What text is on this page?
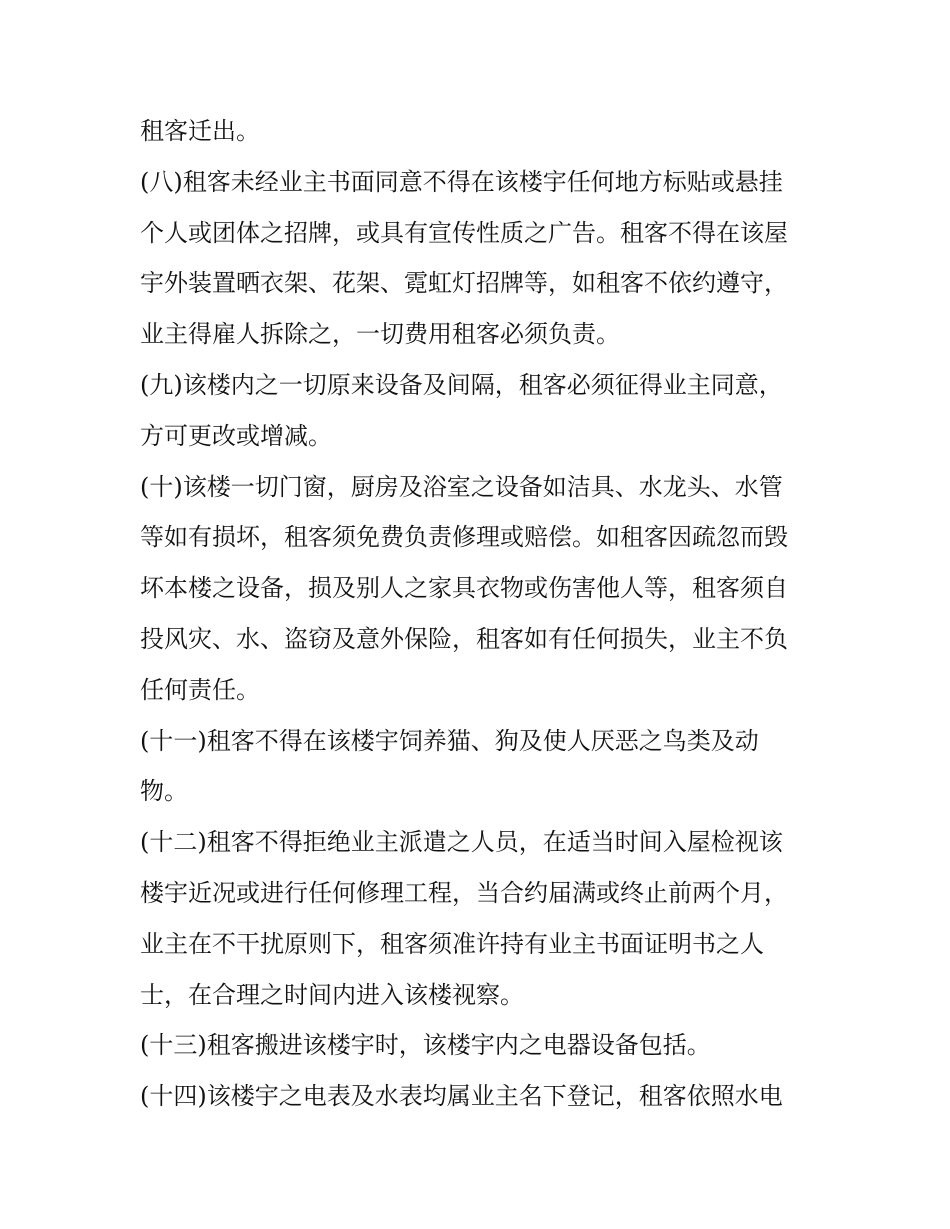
租客迁出。
(八)租客未经业主书面同意不得在该楼宇任何地方标贴或悬挂
个人或团体之招牌，或具有宣传性质之广告。租客不得在该屋
宇外装置晒衣架、花架、霓虹灯招牌等，如租客不依约遵守，
业主得雇人拆除之，一切费用租客必须负责。
(九)该楼内之一切原来设备及间隔，租客必须征得业主同意，
方可更改或增减。
(十)该楼一切门窗，厨房及浴室之设备如洁具、水龙头、水管
等如有损坏，租客须免费负责修理或赔偿。如租客因疏忽而毁
坏本楼之设备，损及别人之家具衣物或伤害他人等，租客须自
投风灾、水、盗窃及意外保险，租客如有任何损失，业主不负
任何责任。
(十一)租客不得在该楼宇饲养猫、狗及使人厌恶之鸟类及动
物。
(十二)租客不得拒绝业主派遣之人员，在适当时间入屋检视该
楼宇近况或进行任何修理工程，当合约届满或终止前两个月，
业主在不干扰原则下，租客须准许持有业主书面证明书之人
士，在合理之时间内进入该楼视察。
(十三)租客搬进该楼宇时，该楼宇内之电器设备包括。
(十四)该楼宇之电表及水表均属业主名下登记，租客依照水电
